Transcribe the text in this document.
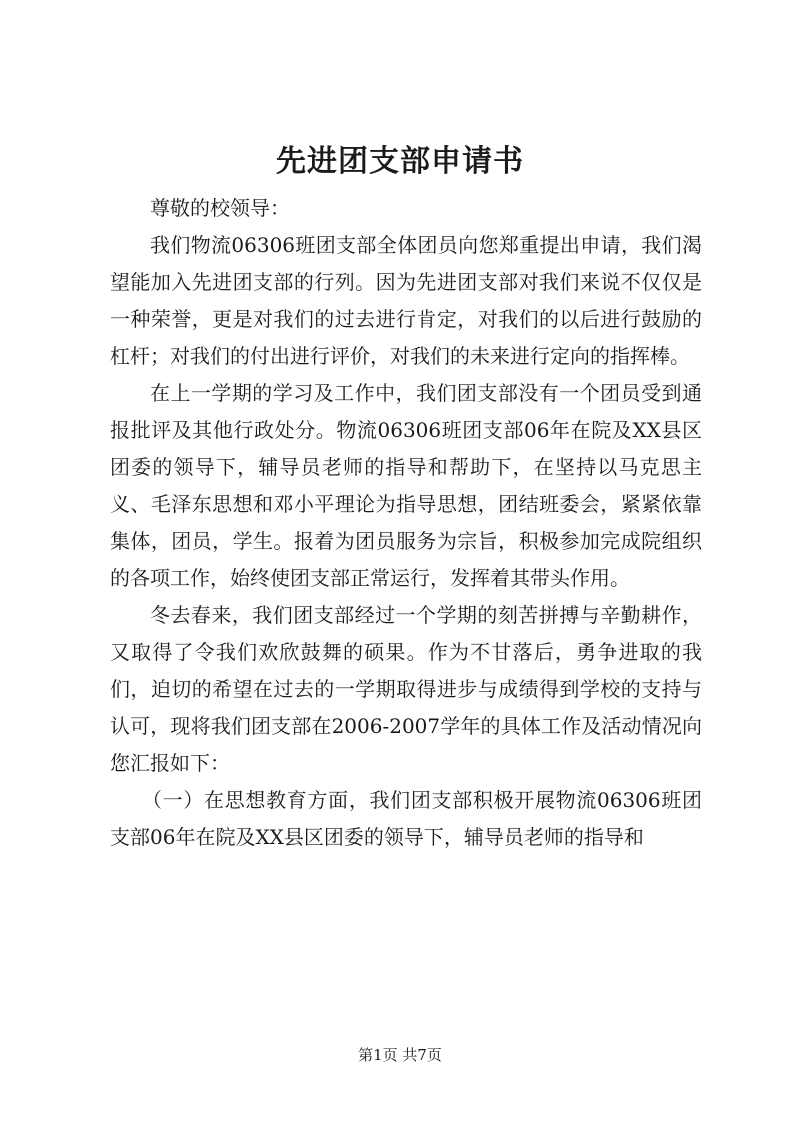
先进团支部申请书

尊敬的校领导：

我们物流06306班团支部全体团员向您郑重提出申请，我们渴望能加入先进团支部的行列。因为先进团支部对我们来说不仅仅是一种荣誉，更是对我们的过去进行肯定，对我们的以后进行鼓励的杠杆；对我们的付出进行评价，对我们的未来进行定向的指挥棒。

在上一学期的学习及工作中，我们团支部没有一个团员受到通报批评及其他行政处分。物流06306班团支部06年在院及XX县区团委的领导下，辅导员老师的指导和帮助下，在坚持以马克思主义、毛泽东思想和邓小平理论为指导思想，团结班委会，紧紧依靠集体，团员，学生。报着为团员服务为宗旨，积极参加完成院组织的各项工作，始终使团支部正常运行，发挥着其带头作用。

冬去春来，我们团支部经过一个学期的刻苦拼搏与辛勤耕作，又取得了令我们欢欣鼓舞的硕果。作为不甘落后，勇争进取的我们，迫切的希望在过去的一学期取得进步与成绩得到学校的支持与认可，现将我们团支部在2006-2007学年的具体工作及活动情况向您汇报如下：

（一）在思想教育方面，我们团支部积极开展物流06306班团支部06年在院及XX县区团委的领导下，辅导员老师的指导和

第1页 共7页
